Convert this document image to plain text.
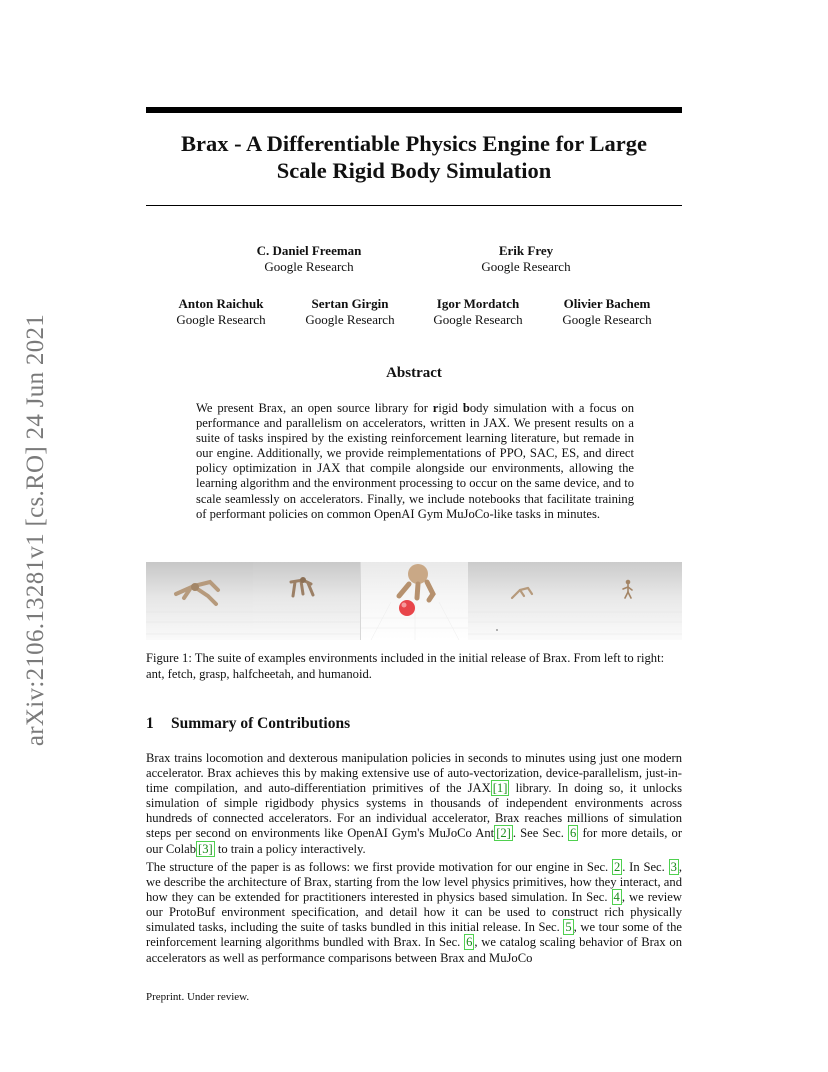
arXiv:2106.13281v1 [cs.RO] 24 Jun 2021
Brax - A Differentiable Physics Engine for Large
Scale Rigid Body Simulation
C. Daniel Freeman
Google Research
Erik Frey
Google Research
Anton Raichuk
Google Research
Sertan Girgin
Google Research
Igor Mordatch
Google Research
Olivier Bachem
Google Research
Abstract
We present Brax, an open source library for rigid body simulation with a focus on performance and parallelism on accelerators, written in JAX. We present results on a suite of tasks inspired by the existing reinforcement learning literature, but remade in our engine. Additionally, we provide reimplementations of PPO, SAC, ES, and direct policy optimization in JAX that compile alongside our environments, allowing the learning algorithm and the environment processing to occur on the same device, and to scale seamlessly on accelerators. Finally, we include notebooks that facilitate training of performant policies on common OpenAI Gym MuJoCo-like tasks in minutes.
Figure 1: The suite of examples environments included in the initial release of Brax. From left to right: ant, fetch, grasp, halfcheetah, and humanoid.
1 Summary of Contributions

Brax trains locomotion and dexterous manipulation policies in seconds to minutes using just one modern accelerator. Brax achieves this by making extensive use of auto-vectorization, device-parallelism, just-in-time compilation, and auto-differentiation primitives of the JAX [1] library. In doing so, it unlocks simulation of simple rigidbody physics systems in thousands of independent environments across hundreds of connected accelerators. For an individual accelerator, Brax reaches millions of simulation steps per second on environments like OpenAI Gym's MuJoCo Ant [2] . See Sec. 6 for more details, or our Colab [3] to train a policy interactively.

The structure of the paper is as follows: we first provide motivation for our engine in Sec. 2 . In Sec. 3 , we describe the architecture of Brax, starting from the low level physics primitives, how they interact, and how they can be extended for practitioners interested in physics based simulation. In Sec. 4 , we review our ProtoBuf environment specification, and detail how it can be used to construct rich physically simulated tasks, including the suite of tasks bundled in this initial release. In Sec. 5 , we tour some of the reinforcement learning algorithms bundled with Brax. In Sec. 6 , we catalog scaling behavior of Brax on accelerators as well as performance comparisons between Brax and MuJoCo

Preprint. Under review.
